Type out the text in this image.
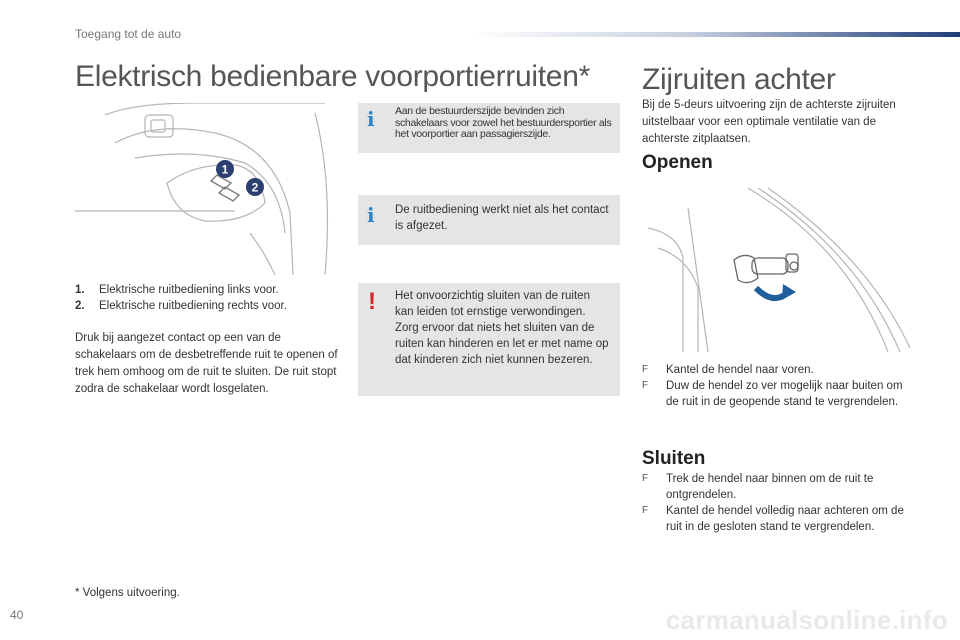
Toegang tot de auto
Elektrisch bedienbare voorportierruiten*
1
2
1. Elektrische ruitbediening links voor.
2. Elektrische ruitbediening rechts voor.
Druk bij aangezet contact op een van de schakelaars om de desbetreffende ruit te openen of trek hem omhoog om de ruit te sluiten. De ruit stopt zodra de schakelaar wordt losgelaten.
i Aan de bestuurderszijde bevinden zich schakelaars voor zowel het bestuurdersportier als het voorportier aan passagierszijde.
i De ruitbediening werkt niet als het contact is afgezet.
! Het onvoorzichtig sluiten van de ruiten kan leiden tot ernstige verwondingen. Zorg ervoor dat niets het sluiten van de ruiten kan hinderen en let er met name op dat kinderen zich niet kunnen bezeren.
Zijruiten achter
Bij de 5-deurs uitvoering zijn de achterste zijruiten uitstelbaar voor een optimale ventilatie van de achterste zitplaatsen.
Openen
F Kantel de hendel naar voren.
F Duw de hendel zo ver mogelijk naar buiten om de ruit in de geopende stand te vergrendelen.
Sluiten
F Trek de hendel naar binnen om de ruit te ontgrendelen.
F Kantel de hendel volledig naar achteren om de ruit in de gesloten stand te vergrendelen.
* Volgens uitvoering.
40	carmanualsonline.info
